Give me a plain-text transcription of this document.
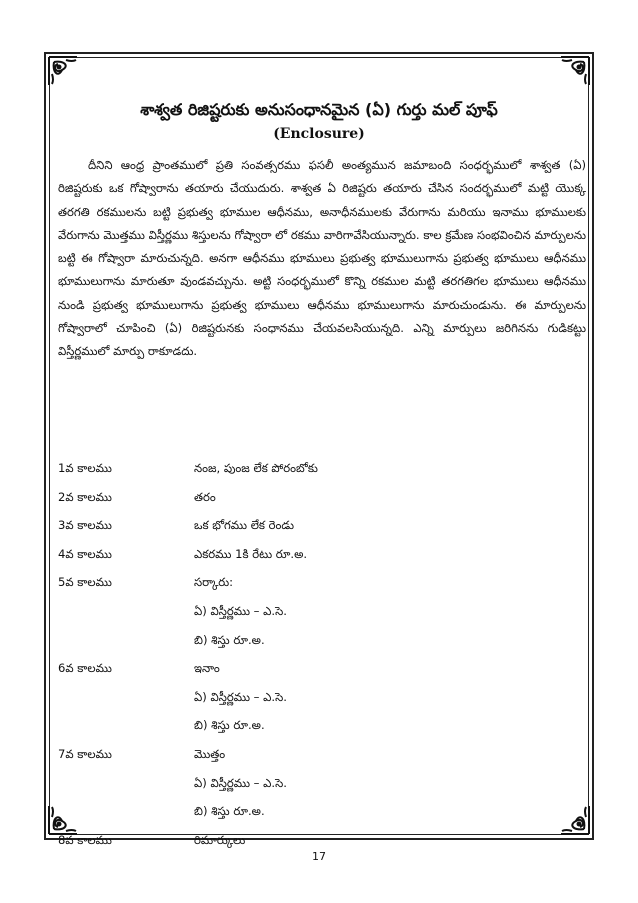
శాశ్వత రిజిష్టరుకు అనుసంధానమైన (ఏ) గుర్తు మల్ పూఫ్
(Enclosure)

దీనిని ఆంధ్ర ప్రాంతములో ప్రతి సంవత్సరము ఫసలీ అంత్యమున జమాబంది సంధర్భములో శాశ్వత (ఏ) రిజిష్టరుకు ఒక గోష్వారాను తయారు చేయుదురు. శాశ్వత ఏ రిజిష్టరు తయారు చేసిన సందర్భములో మట్టి యొక్క తరగతి రకములను బట్టి ప్రభుత్వ భూముల ఆధీనము, అనాధీనములకు వేరుగాను మరియు ఇనాము భూములకు వేరుగాను మొత్తము విస్తీర్ణము శిస్తులను గోష్వారా లో రకము వారిగావేసియున్నారు. కాల క్రమేణ సంభవించిన మార్పులను బట్టి ఈ గోష్వారా మారుచున్నది. అనగా ఆధీనము భూములు ప్రభుత్వ భూములుగాను ప్రభుత్వ భూములు ఆధీనము భూములుగాను మారుతూ వుండవచ్చును. అట్టి సంధర్భములో కొన్ని రకముల మట్టి తరగతిగల భూములు ఆధీనము నుండి ప్రభుత్వ భూములుగాను ప్రభుత్వ భూములు ఆధీనము భూములుగాను మారుచుండును. ఈ మార్పులను గోష్వారాలో చూపించి (ఏ) రిజిష్టరునకు సంధానము చేయవలసియున్నది. ఎన్ని మార్పులు జరిగినను గుడికట్టు విస్తీర్ణములో మార్పు రాకూడదు.

1వ కాలము	నంజ, పుంజ లేక పోరంబోకు
2వ కాలము	తరం
3వ కాలము	ఒక భోగము లేక రెండు
4వ కాలము	ఎకరము 1కి రేటు రూ.అ.
5వ కాలము	సర్కారు:
ఏ) విస్తీర్ణము – ఎ.సె.
బి) శిస్తు రూ.అ.
6వ కాలము	ఇనాం
ఏ) విస్తీర్ణము – ఎ.సె.
బి) శిస్తు రూ.అ.
7వ కాలము	మొత్తం
ఏ) విస్తీర్ణము – ఎ.సె.
బి) శిస్తు రూ.అ.
8వ కాలము	రిమార్కులు
17
